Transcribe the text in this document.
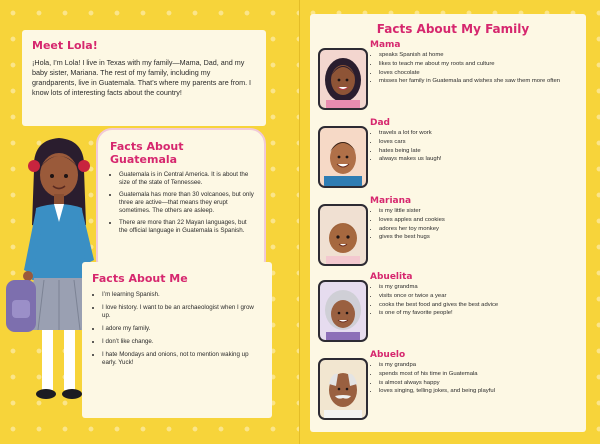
Meet Lola!

¡Hola, I’m Lola! I live in Texas with my family—Mama, Dad, and my baby sister, Mariana. The rest of my family, including my grandparents, live in Guatemala. That’s where my parents are from. I know lots of interesting facts about the country!

Facts About Guatemala
• Guatemala is in Central America. It is about the size of the state of Tennessee.
• Guatemala has more than 30 volcanoes, but only three are active—that means they erupt sometimes. The others are asleep.
• There are more than 22 Mayan languages, but the official language in Guatemala is Spanish.
Facts About Me
• I’m learning Spanish.
• I love history. I want to be an archaeologist when I grow up.
• I adore my family.
• I don’t like change.
• I hate Mondays and onions, not to mention waking up early. Yuck!
Facts About My Family
Mama
• speaks Spanish at home
• likes to teach me about my roots and culture
• loves chocolate
• misses her family in Guatemala and wishes she saw them more often
Dad
• travels a lot for work
• loves cars
• hates being late
• always makes us laugh!
Mariana
• is my little sister
• loves apples and cookies
• adores her toy monkey
• gives the best hugs
Abuelita
• is my grandma
• visits once or twice a year
• cooks the best food and gives the best advice
• is one of my favorite people!
Abuelo
• is my grandpa
• spends most of his time in Guatemala
• is almost always happy
• loves singing, telling jokes, and being playful
